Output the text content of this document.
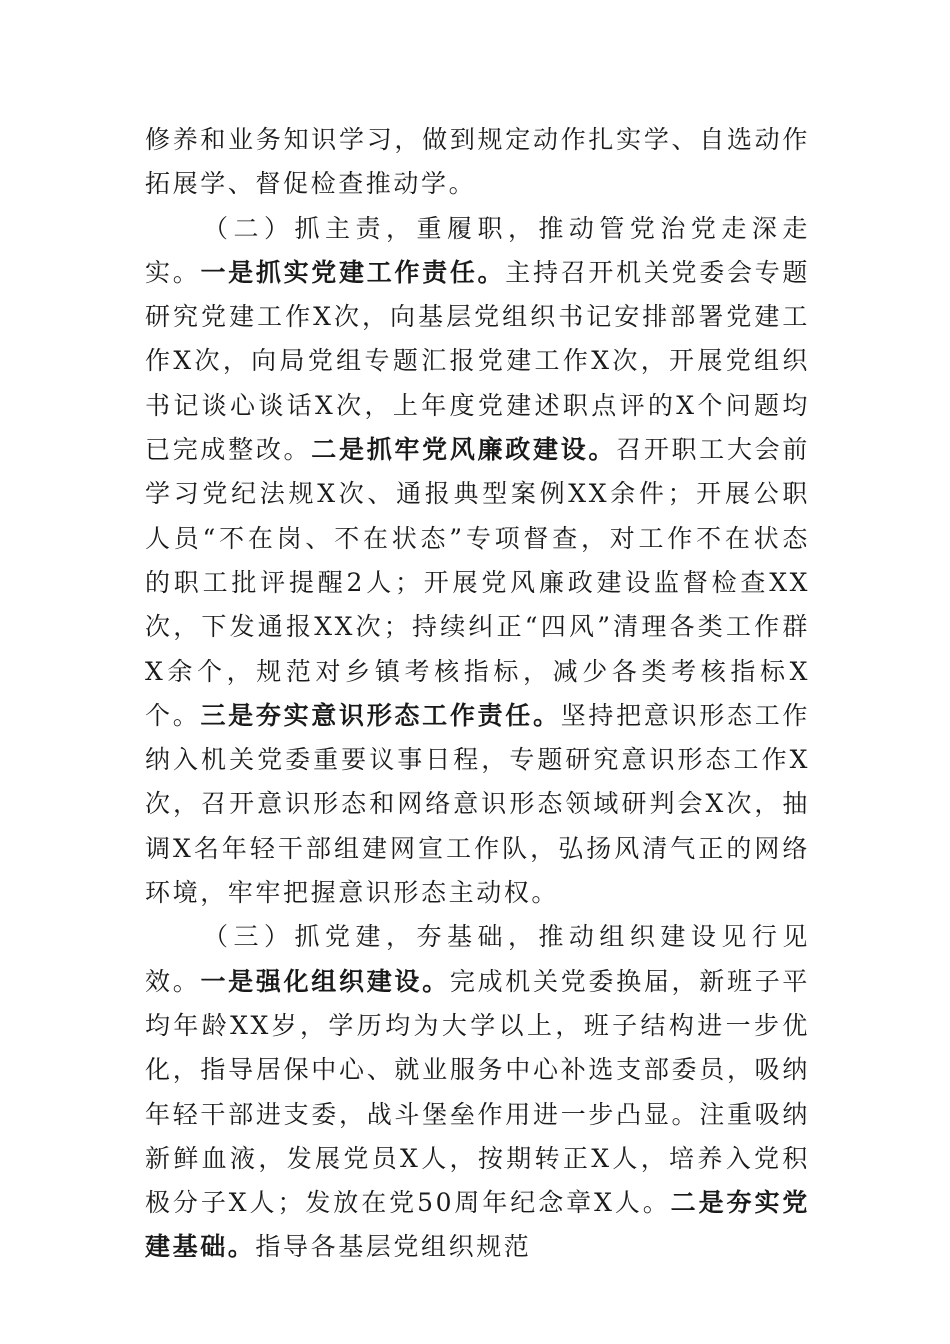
修养和业务知识学习，做到规定动作扎实学、自选动作拓展学、督促检查推动学。

（二）抓主责，重履职，推动管党治党走深走实。一是抓实党建工作责任。主持召开机关党委会专题研究党建工作X次，向基层党组织书记安排部署党建工作X次，向局党组专题汇报党建工作X次，开展党组织书记谈心谈话X次，上年度党建述职点评的X个问题均已完成整改。二是抓牢党风廉政建设。召开职工大会前学习党纪法规X次、通报典型案例XX余件；开展公职人员“不在岗、不在状态”专项督查，对工作不在状态的职工批评提醒2人；开展党风廉政建设监督检查XX次，下发通报XX次；持续纠正“四风”清理各类工作群X余个，规范对乡镇考核指标，减少各类考核指标X个。三是夯实意识形态工作责任。坚持把意识形态工作纳入机关党委重要议事日程，专题研究意识形态工作X次，召开意识形态和网络意识形态领域研判会X次，抽调X名年轻干部组建网宣工作队，弘扬风清气正的网络环境，牢牢把握意识形态主动权。

（三）抓党建，夯基础，推动组织建设见行见效。一是强化组织建设。完成机关党委换届，新班子平均年龄XX岁，学历均为大学以上，班子结构进一步优化，指导居保中心、就业服务中心补选支部委员，吸纳年轻干部进支委，战斗堡垒作用进一步凸显。注重吸纳新鲜血液，发展党员X人，按期转正X人，培养入党积极分子X人；发放在党50周年纪念章X人。二是夯实党建基础。指导各基层党组织规范
